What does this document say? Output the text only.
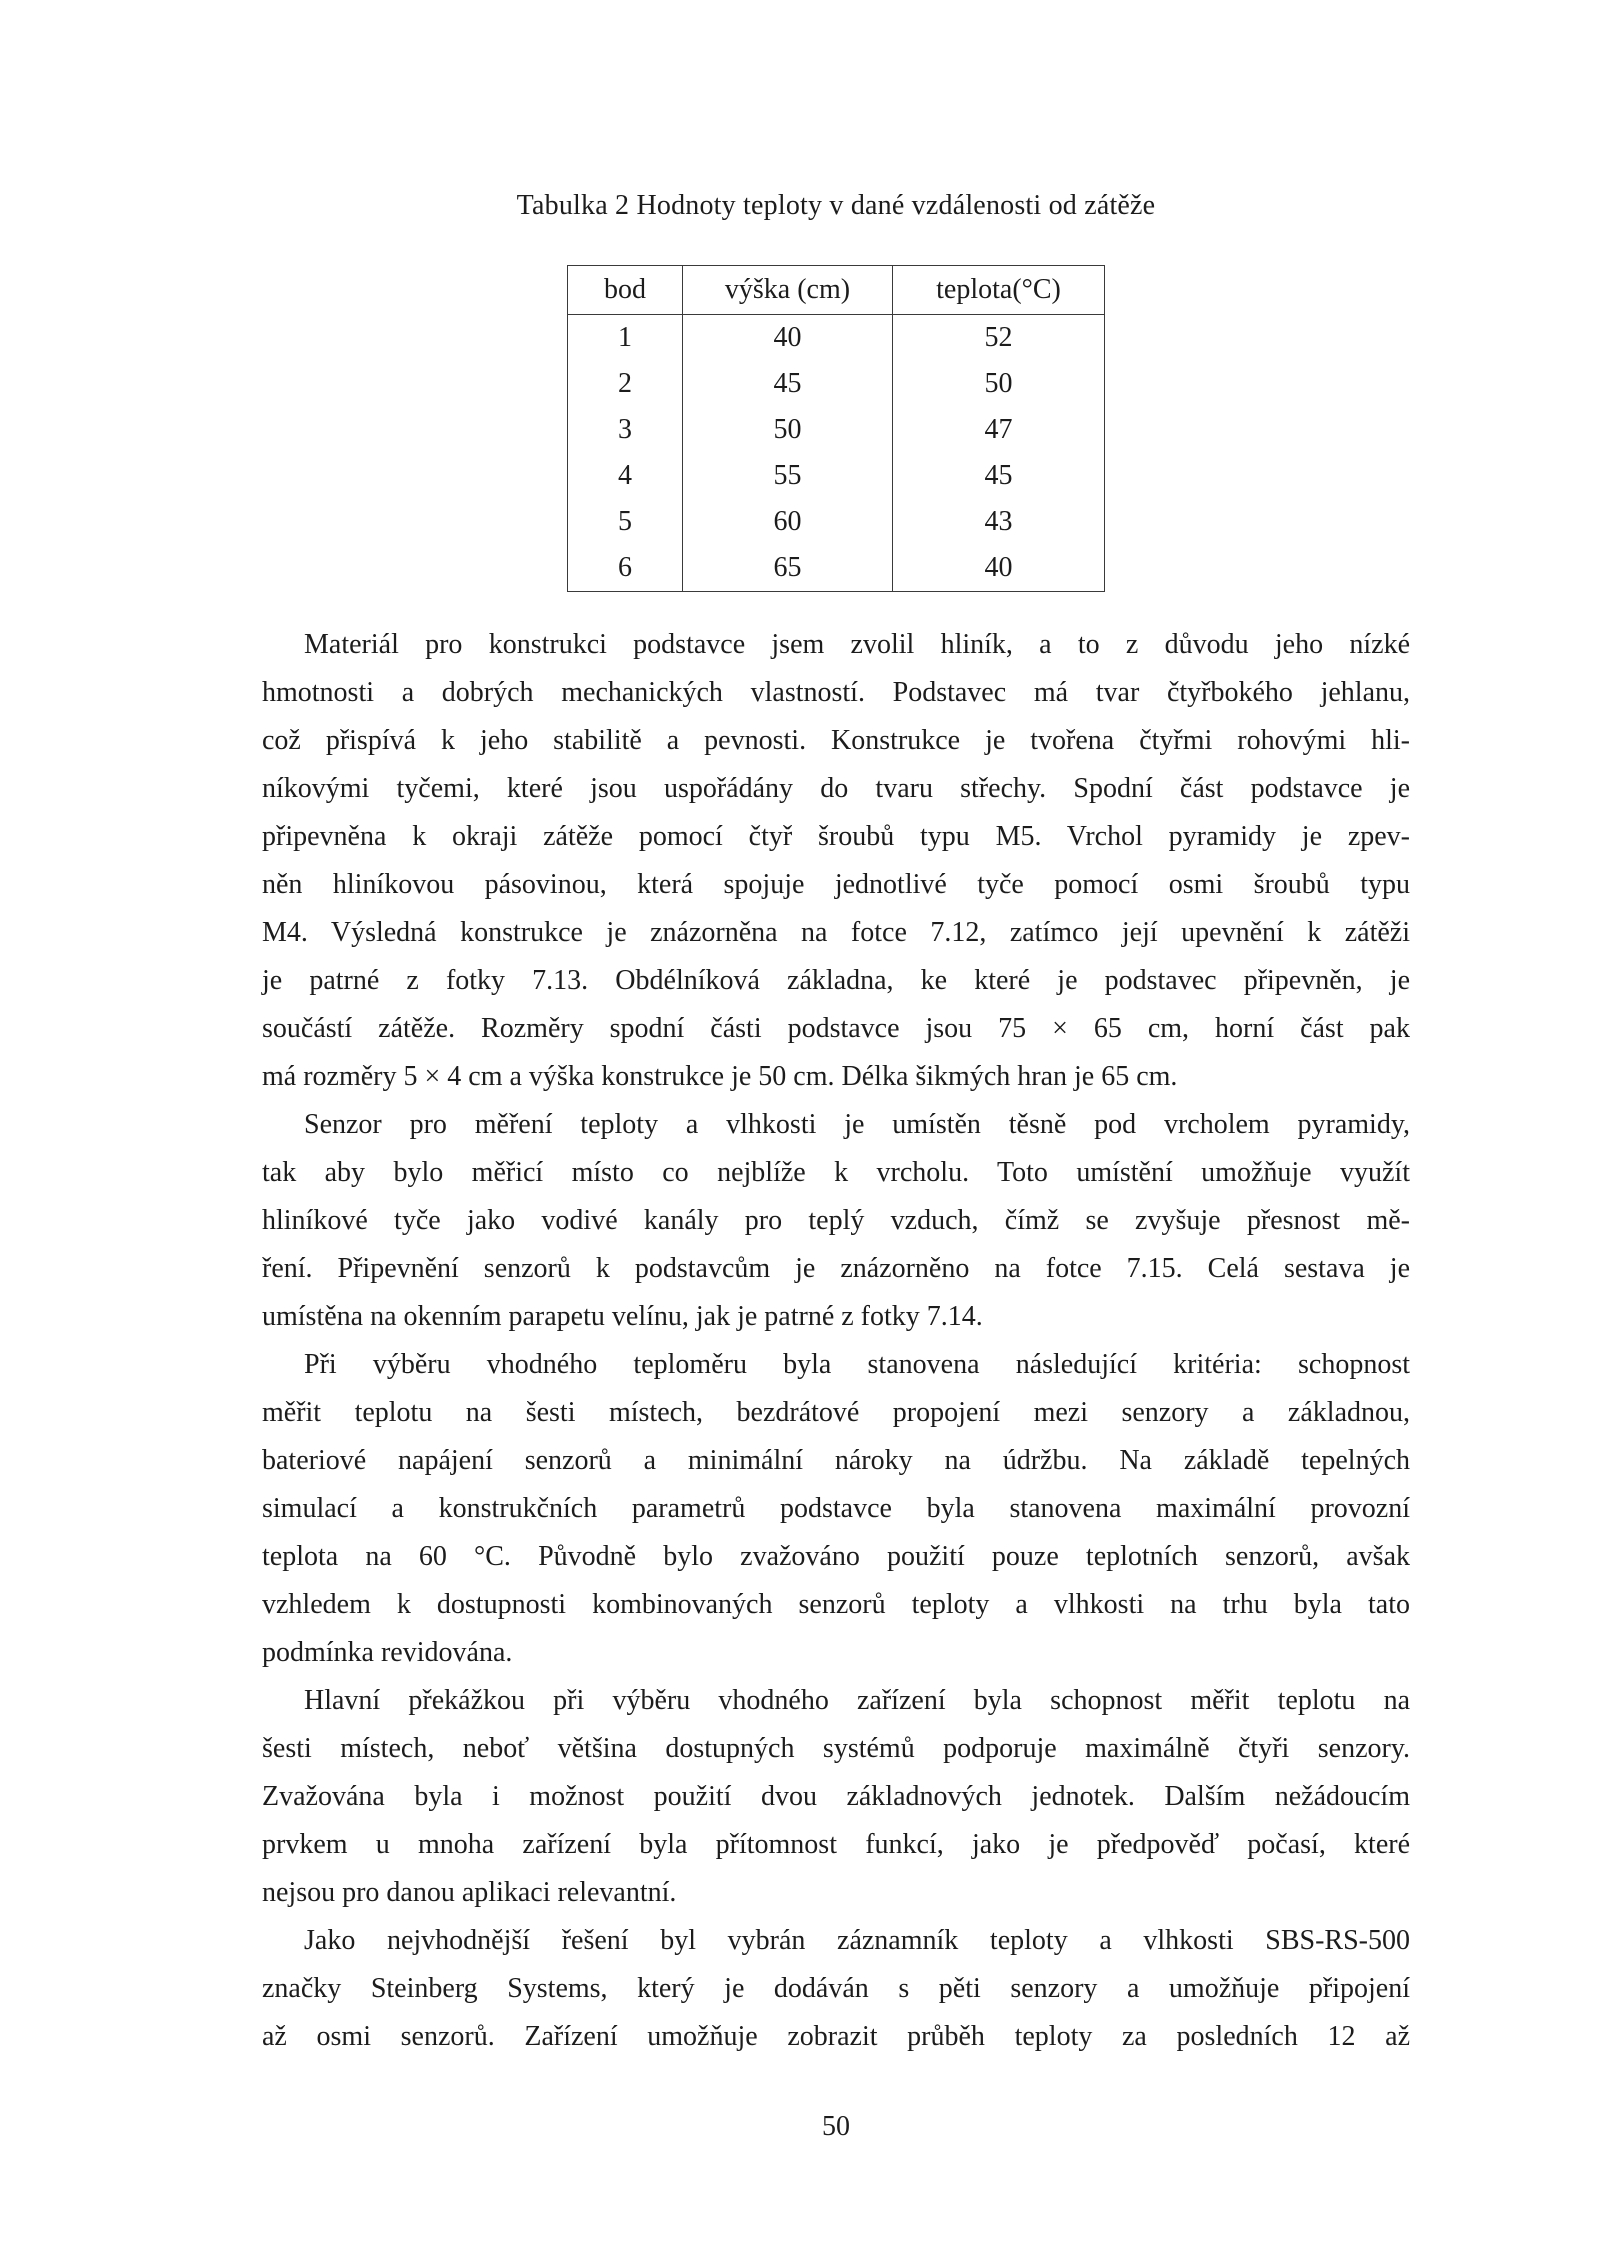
Tabulka 2 Hodnoty teploty v dané vzdálenosti od zátěže
bod	výška (cm)	teplota(°C)
1	40	52
2	45	50
3	50	47
4	55	45
5	60	43
6	65	40
Materiál pro konstrukci podstavce jsem zvolil hliník, a to z důvodu jeho nízké
hmotnosti a dobrých mechanických vlastností. Podstavec má tvar čtyřbokého jehlanu,
což přispívá k jeho stabilitě a pevnosti. Konstrukce je tvořena čtyřmi rohovými hli-
níkovými tyčemi, které jsou uspořádány do tvaru střechy. Spodní část podstavce je
připevněna k okraji zátěže pomocí čtyř šroubů typu M5. Vrchol pyramidy je zpev-
něn hliníkovou pásovinou, která spojuje jednotlivé tyče pomocí osmi šroubů typu
M4. Výsledná konstrukce je znázorněna na fotce 7.12, zatímco její upevnění k zátěži
je patrné z fotky 7.13. Obdélníková základna, ke které je podstavec připevněn, je
součástí zátěže. Rozměry spodní části podstavce jsou 75 × 65 cm, horní část pak
má rozměry 5 × 4 cm a výška konstrukce je 50 cm. Délka šikmých hran je 65 cm.
Senzor pro měření teploty a vlhkosti je umístěn těsně pod vrcholem pyramidy,
tak aby bylo měřicí místo co nejblíže k vrcholu. Toto umístění umožňuje využít
hliníkové tyče jako vodivé kanály pro teplý vzduch, čímž se zvyšuje přesnost mě-
ření. Připevnění senzorů k podstavcům je znázorněno na fotce 7.15. Celá sestava je
umístěna na okenním parapetu velínu, jak je patrné z fotky 7.14.
Při výběru vhodného teploměru byla stanovena následující kritéria: schopnost
měřit teplotu na šesti místech, bezdrátové propojení mezi senzory a základnou,
bateriové napájení senzorů a minimální nároky na údržbu. Na základě tepelných
simulací a konstrukčních parametrů podstavce byla stanovena maximální provozní
teplota na 60 °C. Původně bylo zvažováno použití pouze teplotních senzorů, avšak
vzhledem k dostupnosti kombinovaných senzorů teploty a vlhkosti na trhu byla tato
podmínka revidována.
Hlavní překážkou při výběru vhodného zařízení byla schopnost měřit teplotu na
šesti místech, neboť většina dostupných systémů podporuje maximálně čtyři senzory.
Zvažována byla i možnost použití dvou základnových jednotek. Dalším nežádoucím
prvkem u mnoha zařízení byla přítomnost funkcí, jako je předpověď počasí, které
nejsou pro danou aplikaci relevantní.
Jako nejvhodnější řešení byl vybrán záznamník teploty a vlhkosti SBS-RS-500
značky Steinberg Systems, který je dodáván s pěti senzory a umožňuje připojení
až osmi senzorů. Zařízení umožňuje zobrazit průběh teploty za posledních 12 až
50
